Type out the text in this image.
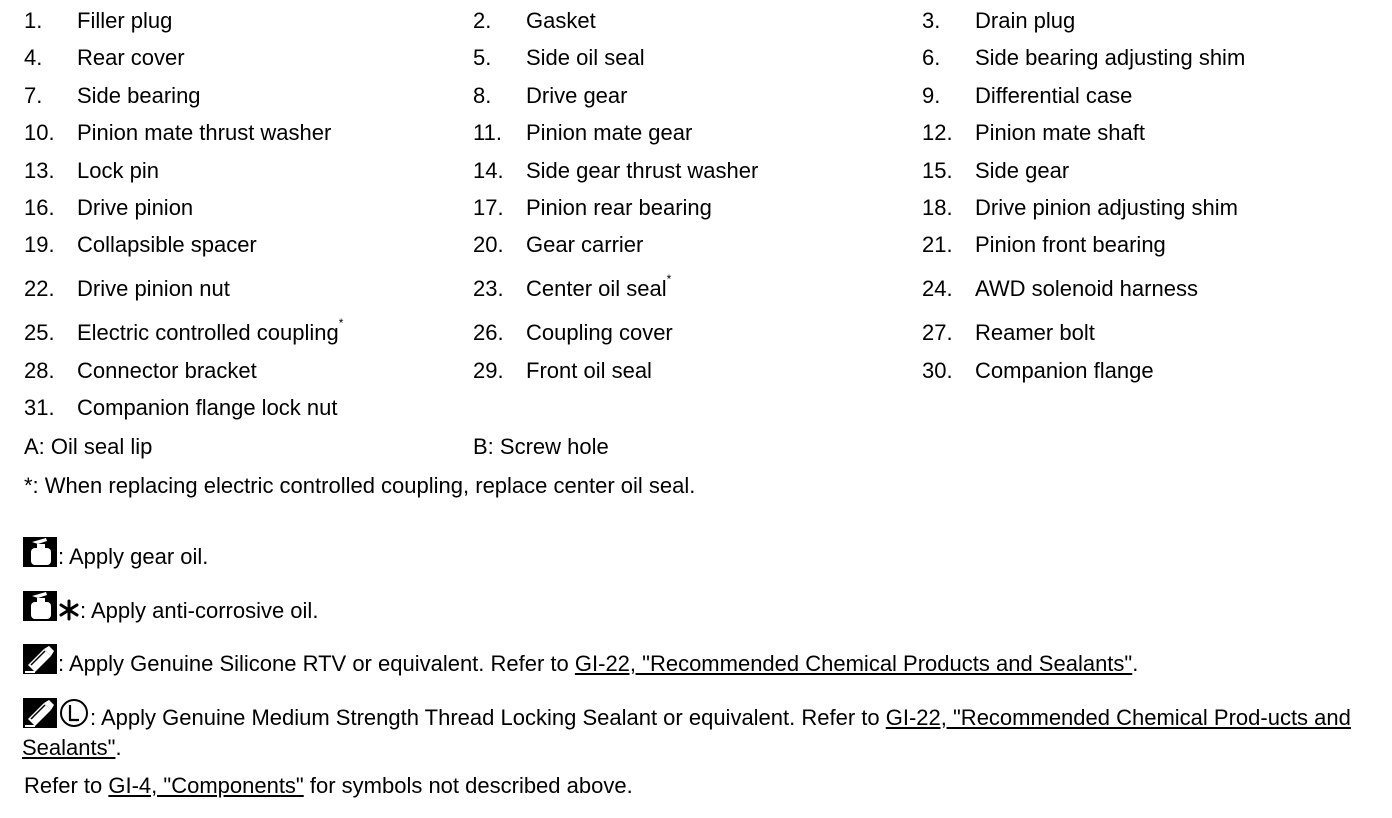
1. Filler plug	2. Gasket	3. Drain plug
4. Rear cover	5. Side oil seal	6. Side bearing adjusting shim
7. Side bearing	8. Drive gear	9. Differential case
10. Pinion mate thrust washer	11. Pinion mate gear	12. Pinion mate shaft
13. Lock pin	14. Side gear thrust washer	15. Side gear
16. Drive pinion	17. Pinion rear bearing	18. Drive pinion adjusting shim
19. Collapsible spacer	20. Gear carrier	21. Pinion front bearing
22. Drive pinion nut	23. Center oil seal*	24. AWD solenoid harness
25. Electric controlled coupling*	26. Coupling cover	27. Reamer bolt
28. Connector bracket	29. Front oil seal	30. Companion flange
31. Companion flange lock nut
A: Oil seal lip	B: Screw hole
*: When replacing electric controlled coupling, replace center oil seal.
: Apply gear oil.
: Apply anti-corrosive oil.
: Apply Genuine Silicone RTV or equivalent. Refer to GI-22, "Recommended Chemical Products and Sealants".
: Apply Genuine Medium Strength Thread Locking Sealant or equivalent. Refer to GI-22, "Recommended Chemical Prod-ucts and Sealants".
Refer to GI-4, "Components" for symbols not described above.
